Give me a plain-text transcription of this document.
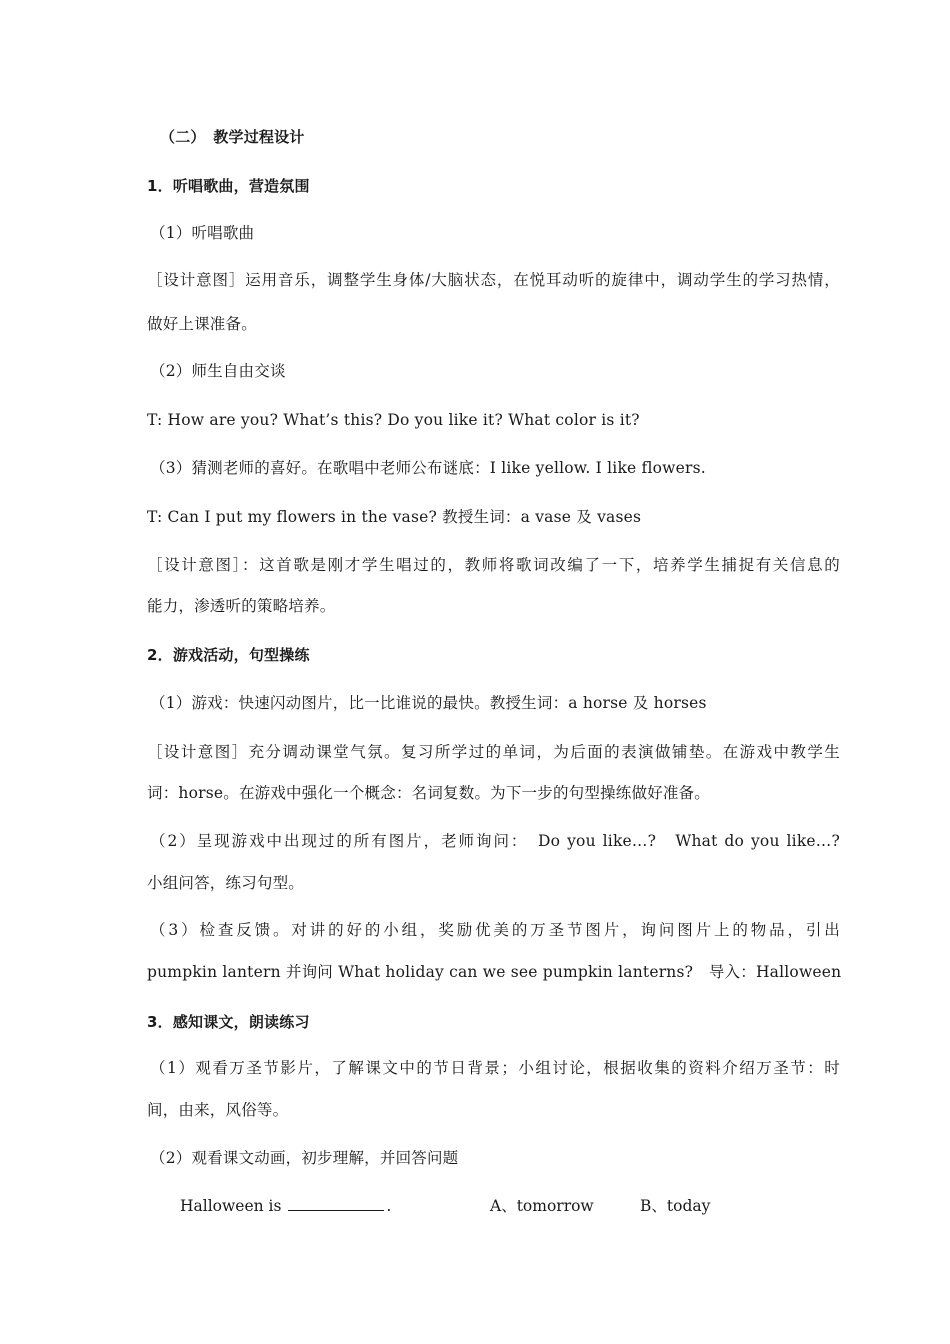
（二）　教学过程设计
1．听唱歌曲，营造氛围
（1）听唱歌曲
［设计意图］运用音乐，调整学生身体/大脑状态，在悦耳动听的旋律中，调动学生的学习热情，
做好上课准备。
（2）师生自由交谈
T: How are you? What’s this? Do you like it? What color is it?
（3）猜测老师的喜好。在歌唱中老师公布谜底：I like yellow. I like flowers.
T: Can I put my flowers in the vase? 教授生词：a vase 及 vases
［设计意图］：这首歌是刚才学生唱过的，教师将歌词改编了一下，培养学生捕捉有关信息的
能力，渗透听的策略培养。
2．游戏活动，句型操练
（1）游戏：快速闪动图片，比一比谁说的最快。教授生词：a horse 及 horses
［设计意图］充分调动课堂气氛。复习所学过的单词，为后面的表演做铺垫。在游戏中教学生
词：horse。在游戏中强化一个概念：名词复数。为下一步的句型操练做好准备。
（2）呈现游戏中出现过的所有图片，老师询问：　Do you like…?　What do you like…?
小组问答，练习句型。
（3）检查反馈。对讲的好的小组，奖励优美的万圣节图片，询问图片上的物品，引出
pumpkin lantern 并询问 What holiday can we see pumpkin lanterns?　导入：Halloween
3．感知课文，朗读练习
（1）观看万圣节影片，了解课文中的节日背景；小组讨论，根据收集的资料介绍万圣节：时
间，由来，风俗等。
（2）观看课文动画，初步理解，并回答问题
Halloween is	.	A、tomorrow	B、today
